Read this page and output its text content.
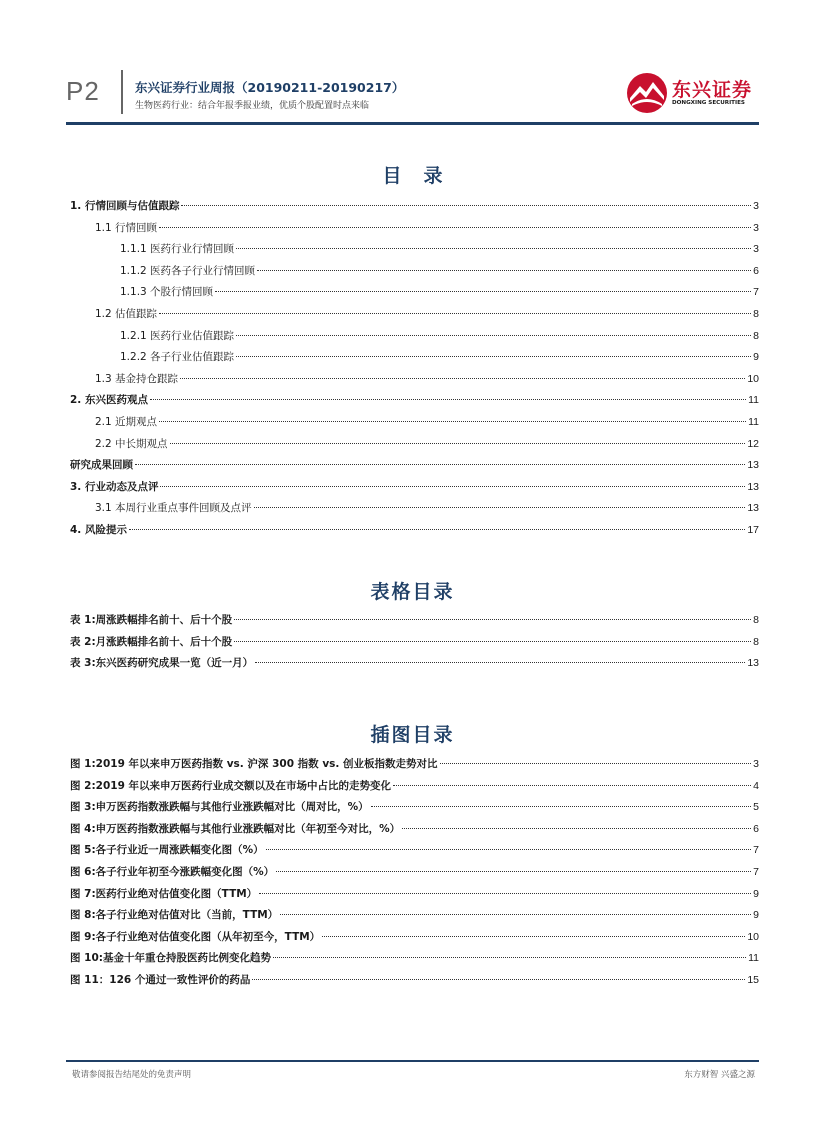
P2	东兴证券行业周报（20190211-20190217）
生物医药行业：结合年报季报业绩，优质个股配置时点来临
东兴证券
DONGXING SECURITIES
目录
1. 行情回顾与估值跟踪	3
1.1 行情回顾	3
1.1.1 医药行业行情回顾	3
1.1.2 医药各子行业行情回顾	6
1.1.3 个股行情回顾	7
1.2 估值跟踪	8
1.2.1 医药行业估值跟踪	8
1.2.2 各子行业估值跟踪	9
1.3 基金持仓跟踪	10
2. 东兴医药观点	11
2.1 近期观点	11
2.2 中长期观点	12
研究成果回顾	13
3. 行业动态及点评	13
3.1 本周行业重点事件回顾及点评	13
4. 风险提示	17
表格目录
表 1:周涨跌幅排名前十、后十个股	8
表 2:月涨跌幅排名前十、后十个股	8
表 3:东兴医药研究成果一览（近一月）	13
插图目录
图 1:2019 年以来申万医药指数 vs. 沪深 300 指数 vs. 创业板指数走势对比	3
图 2:2019 年以来申万医药行业成交额以及在市场中占比的走势变化	4
图 3:申万医药指数涨跌幅与其他行业涨跌幅对比（周对比，%）	5
图 4:申万医药指数涨跌幅与其他行业涨跌幅对比（年初至今对比，%）	6
图 5:各子行业近一周涨跌幅变化图（%）	7
图 6:各子行业年初至今涨跌幅变化图（%）	7
图 7:医药行业绝对估值变化图（TTM）	9
图 8:各子行业绝对估值对比（当前，TTM）	9
图 9:各子行业绝对估值变化图（从年初至今，TTM）	10
图 10:基金十年重仓持股医药比例变化趋势	11
图 11：126 个通过一致性评价的药品	15
敬请参阅报告结尾处的免责声明	东方财智 兴盛之源
